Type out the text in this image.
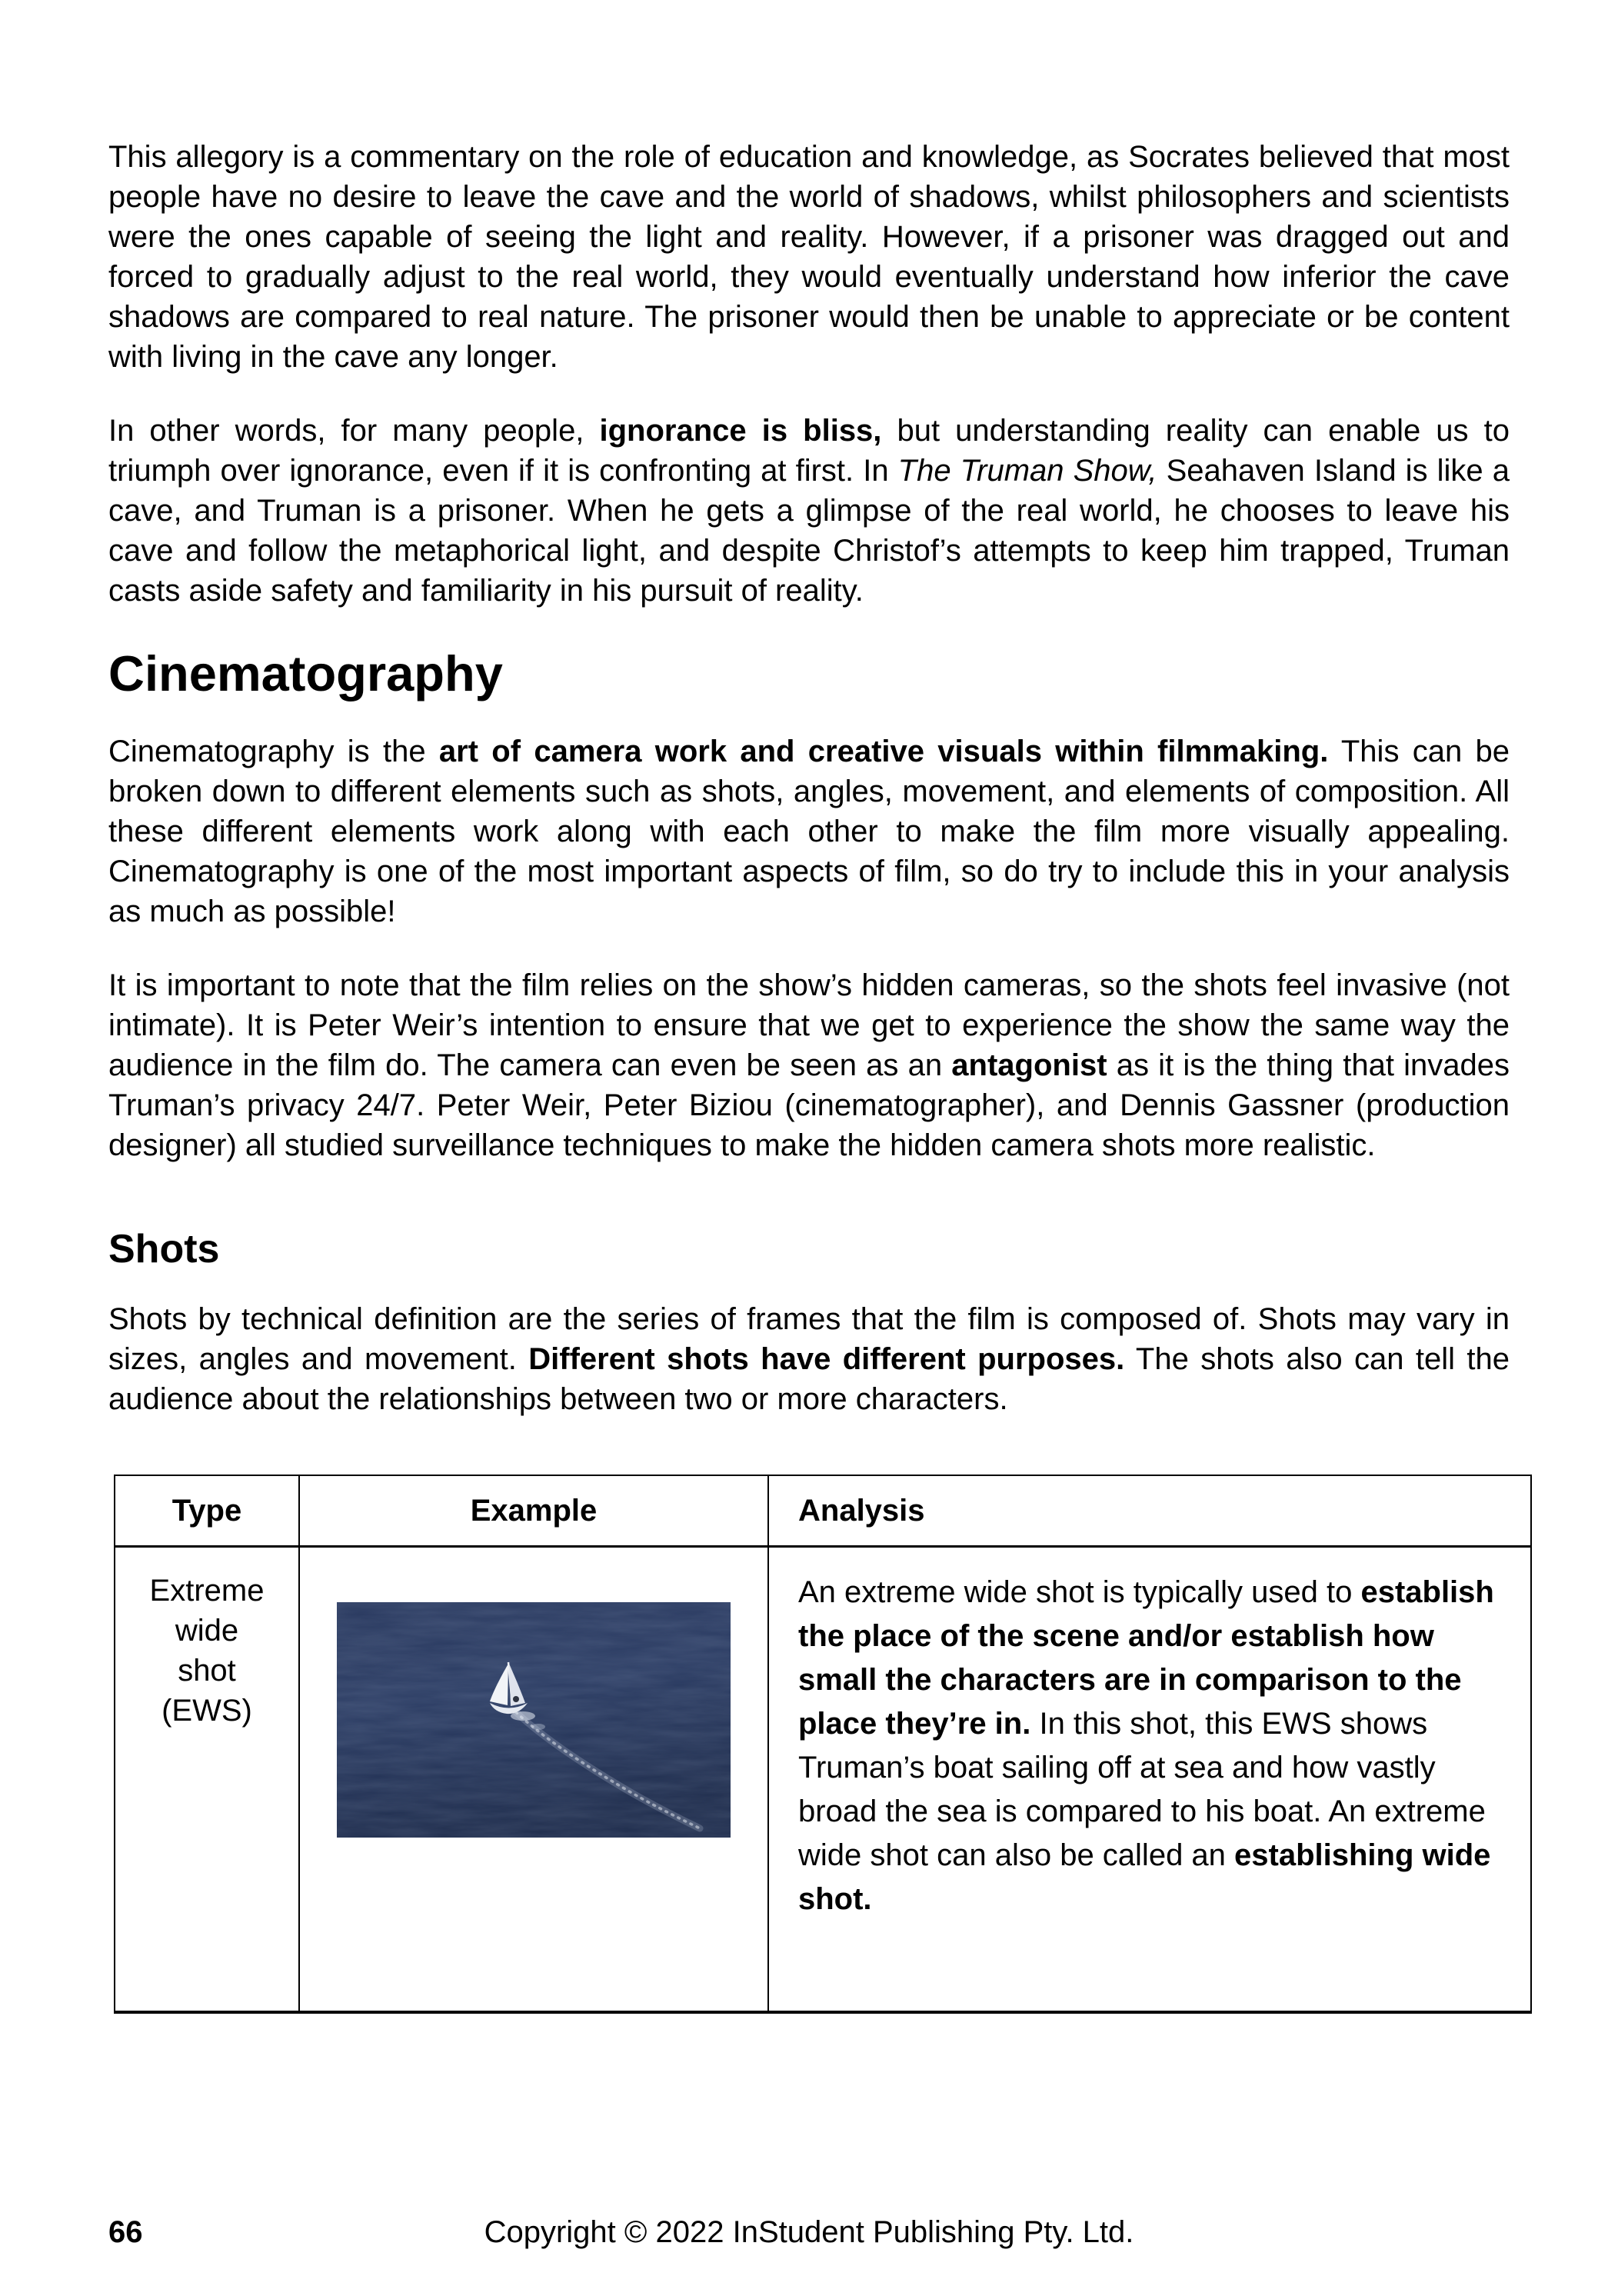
This allegory is a commentary on the role of education and knowledge, as Socrates believed that most people have no desire to leave the cave and the world of shadows, whilst philosophers and scientists were the ones capable of seeing the light and reality. However, if a prisoner was dragged out and forced to gradually adjust to the real world, they would eventually understand how inferior the cave shadows are compared to real nature. The prisoner would then be unable to appreciate or be content with living in the cave any longer.

In other words, for many people, ignorance is bliss, but understanding reality can enable us to triumph over ignorance, even if it is confronting at first. In The Truman Show, Seahaven Island is like a cave, and Truman is a prisoner. When he gets a glimpse of the real world, he chooses to leave his cave and follow the metaphorical light, and despite Christof’s attempts to keep him trapped, Truman casts aside safety and familiarity in his pursuit of reality.

Cinematography

Cinematography is the art of camera work and creative visuals within filmmaking. This can be broken down to different elements such as shots, angles, movement, and elements of composition. All these different elements work along with each other to make the film more visually appealing. Cinematography is one of the most important aspects of film, so do try to include this in your analysis as much as possible!

It is important to note that the film relies on the show’s hidden cameras, so the shots feel invasive (not intimate). It is Peter Weir’s intention to ensure that we get to experience the show the same way the audience in the film do. The camera can even be seen as an antagonist as it is the thing that invades Truman’s privacy 24/7. Peter Weir, Peter Biziou (cinematographer), and Dennis Gassner (production designer) all studied surveillance techniques to make the hidden camera shots more realistic.

Shots

Shots by technical definition are the series of frames that the film is composed of. Shots may vary in sizes, angles and movement. Different shots have different purposes. The shots also can tell the audience about the relationships between two or more characters.

Type	Example	Analysis
Extreme wide shot (EWS)		An extreme wide shot is typically used to establish the place of the scene and/or establish how small the characters are in comparison to the place they’re in. In this shot, this EWS shows Truman’s boat sailing off at sea and how vastly broad the sea is compared to his boat. An extreme wide shot can also be called an establishing wide shot.
66	Copyright © 2022 InStudent Publishing Pty. Ltd.
